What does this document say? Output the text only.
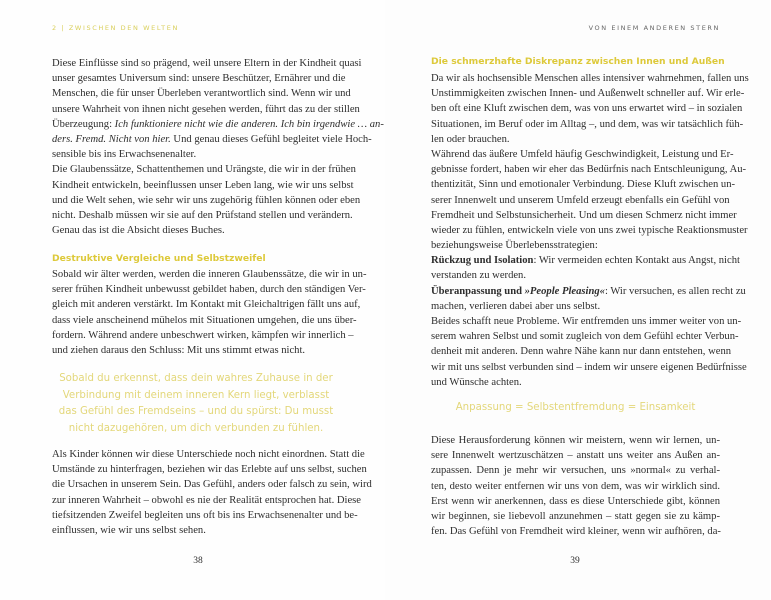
2 | ZWISCHEN DEN WELTEN
Diese Einflüsse sind so prägend, weil unsere Eltern in der Kindheit quasi
unser gesamtes Universum sind: unsere Beschützer, Ernährer und die
Menschen, die für unser Überleben verantwortlich sind. Wenn wir und
unsere Wahrheit von ihnen nicht gesehen werden, führt das zu der stillen
Überzeugung: Ich funktioniere nicht wie die anderen. Ich bin irgendwie … an-
ders. Fremd. Nicht von hier. Und genau dieses Gefühl begleitet viele Hoch-
sensible bis ins Erwachsenenalter.
Die Glaubenssätze, Schattenthemen und Urängste, die wir in der frühen
Kindheit entwickeln, beeinflussen unser Leben lang, wie wir uns selbst
und die Welt sehen, wie sehr wir uns zugehörig fühlen können oder eben
nicht. Deshalb müssen wir sie auf den Prüfstand stellen und verändern.
Genau das ist die Absicht dieses Buches.
Destruktive Vergleiche und Selbstzweifel
Sobald wir älter werden, werden die inneren Glaubenssätze, die wir in un-
serer frühen Kindheit unbewusst gebildet haben, durch den ständigen Ver-
gleich mit anderen verstärkt. Im Kontakt mit Gleichaltrigen fällt uns auf,
dass viele anscheinend mühelos mit Situationen umgehen, die uns über-
fordern. Während andere unbeschwert wirken, kämpfen wir innerlich –
und ziehen daraus den Schluss: Mit uns stimmt etwas nicht.
Sobald du erkennst, dass dein wahres Zuhause in der
Verbindung mit deinem inneren Kern liegt, verblasst
das Gefühl des Fremdseins – und du spürst: Du musst
nicht dazugehören, um dich verbunden zu fühlen.
Als Kinder können wir diese Unterschiede noch nicht einordnen. Statt die
Umstände zu hinterfragen, beziehen wir das Erlebte auf uns selbst, suchen
die Ursachen in unserem Sein. Das Gefühl, anders oder falsch zu sein, wird
zur inneren Wahrheit – obwohl es nie der Realität entsprochen hat. Diese
tiefsitzenden Zweifel begleiten uns oft bis ins Erwachsenenalter und be-
einflussen, wie wir uns selbst sehen.
38
VON EINEM ANDEREN STERN
Die schmerzhafte Diskrepanz zwischen Innen und Außen
Da wir als hochsensible Menschen alles intensiver wahrnehmen, fallen uns
Unstimmigkeiten zwischen Innen- und Außenwelt schneller auf. Wir erle-
ben oft eine Kluft zwischen dem, was von uns erwartet wird – in sozialen
Situationen, im Beruf oder im Alltag –, und dem, was wir tatsächlich füh-
len oder brauchen.
Während das äußere Umfeld häufig Geschwindigkeit, Leistung und Er-
gebnisse fordert, haben wir eher das Bedürfnis nach Entschleunigung, Au-
thentizität, Sinn und emotionaler Verbindung. Diese Kluft zwischen un-
serer Innenwelt und unserem Umfeld erzeugt ebenfalls ein Gefühl von
Fremdheit und Selbstunsicherheit. Und um diesen Schmerz nicht immer
wieder zu fühlen, entwickeln viele von uns zwei typische Reaktionsmuster
beziehungsweise Überlebensstrategien:
Rückzug und Isolation: Wir vermeiden echten Kontakt aus Angst, nicht
verstanden zu werden.
Überanpassung und »People Pleasing«: Wir versuchen, es allen recht zu
machen, verlieren dabei aber uns selbst.
Beides schafft neue Probleme. Wir entfremden uns immer weiter von un-
serem wahren Selbst und somit zugleich von dem Gefühl echter Verbun-
denheit mit anderen. Denn wahre Nähe kann nur dann entstehen, wenn
wir mit uns selbst verbunden sind – indem wir unsere eigenen Bedürfnisse
und Wünsche achten.
Anpassung = Selbstentfremdung = Einsamkeit
Diese Herausforderung können wir meistern, wenn wir lernen, un-
sere Innenwelt wertzuschätzen – anstatt uns weiter ans Außen an-
zupassen. Denn je mehr wir versuchen, uns »normal« zu verhal-
ten, desto weiter entfernen wir uns von dem, was wir wirklich sind.
Erst wenn wir anerkennen, dass es diese Unterschiede gibt, können
wir beginnen, sie liebevoll anzunehmen – statt gegen sie zu kämp-
fen. Das Gefühl von Fremdheit wird kleiner, wenn wir aufhören, da-
39
